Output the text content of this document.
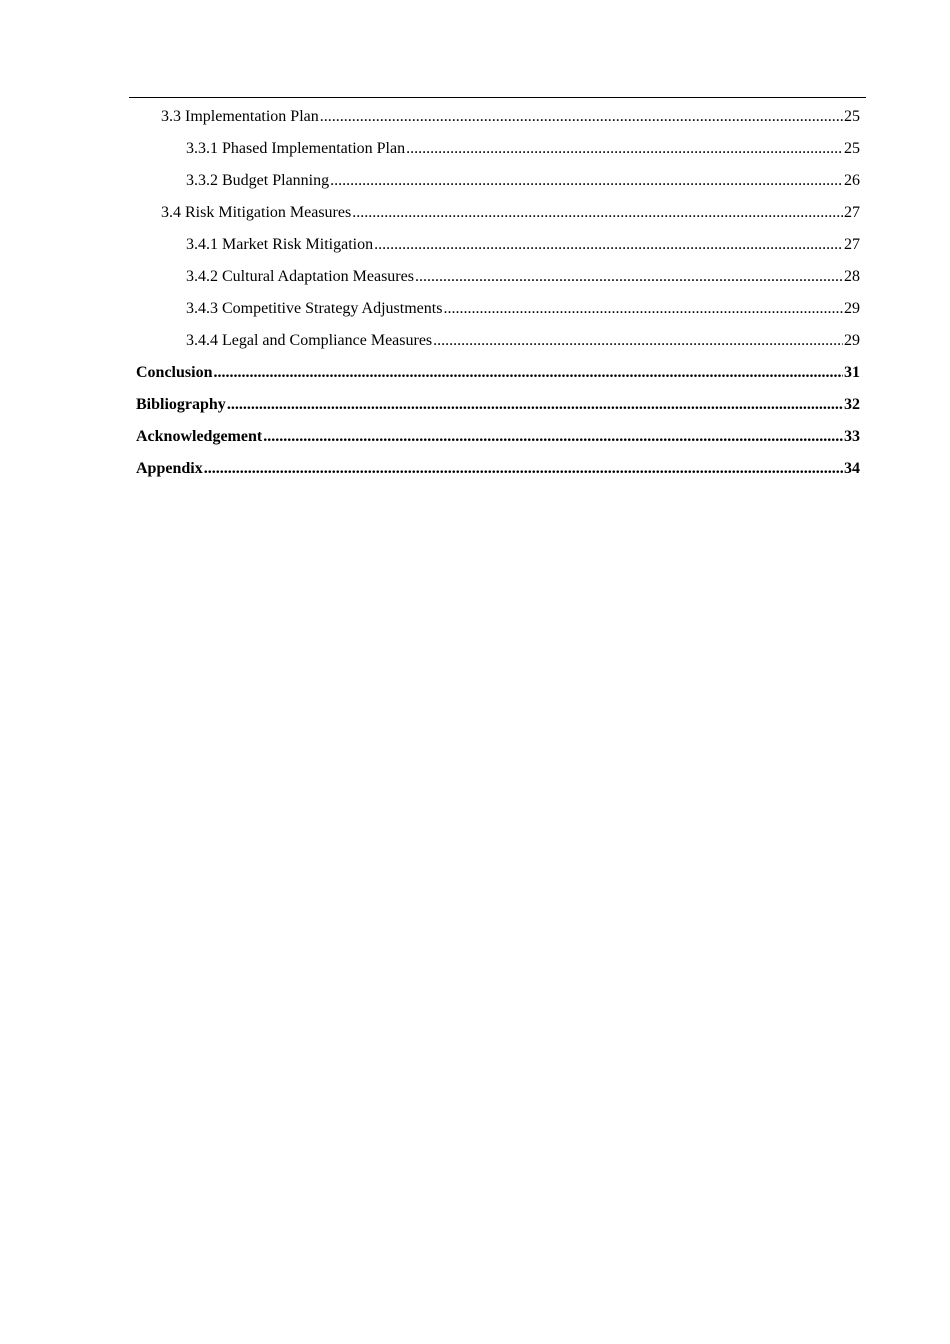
3.3 Implementation Plan .....	25
3.3.1 Phased Implementation Plan .....	25
3.3.2 Budget Planning .....	26
3.4 Risk Mitigation Measures .....	27
3.4.1 Market Risk Mitigation .....	27
3.4.2 Cultural Adaptation Measures .....	28
3.4.3 Competitive Strategy Adjustments .....	29
3.4.4 Legal and Compliance Measures .....	29
Conclusion .....	31
Bibliography .....	32
Acknowledgement .....	33
Appendix .....	34
